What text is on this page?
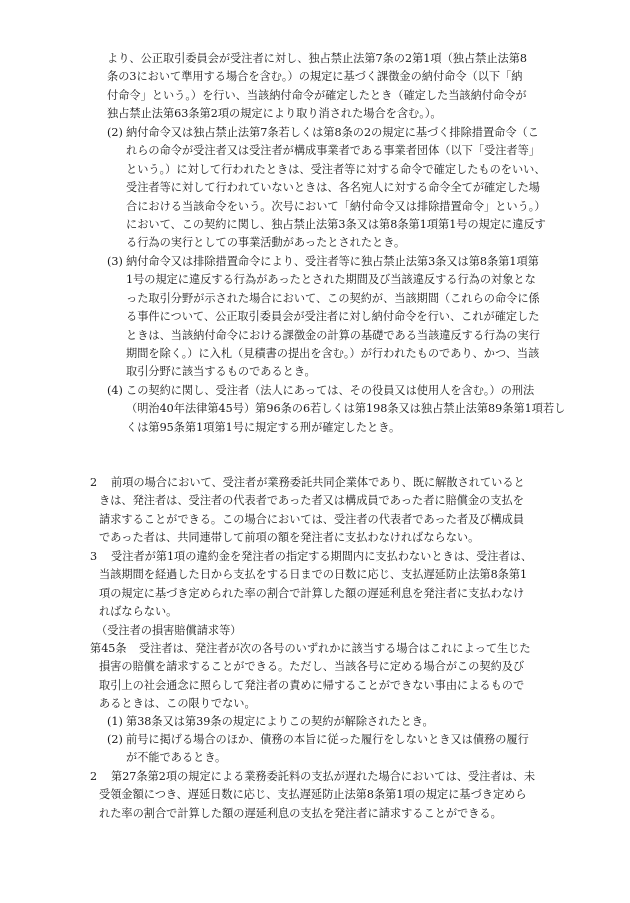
より、公正取引委員会が受注者に対し、独占禁止法第7条の2第1項（独占禁止法第8
条の3において準用する場合を含む。）の規定に基づく課徴金の納付命令（以下「納
付命令」という。）を行い、当該納付命令が確定したとき（確定した当該納付命令が
独占禁止法第63条第2項の規定により取り消された場合を含む。）。
(2) 納付命令又は独占禁止法第7条若しくは第8条の2の規定に基づく排除措置命令（こ
れらの命令が受注者又は受注者が構成事業者である事業者団体（以下「受注者等」
という。）に対して行われたときは、受注者等に対する命令で確定したものをいい、
受注者等に対して行われていないときは、各名宛人に対する命令全てが確定した場
合における当該命令をいう。次号において「納付命令又は排除措置命令」という。）
において、この契約に関し、独占禁止法第3条又は第8条第1項第1号の規定に違反す
る行為の実行としての事業活動があったとされたとき。
(3) 納付命令又は排除措置命令により、受注者等に独占禁止法第3条又は第8条第1項第
1号の規定に違反する行為があったとされた期間及び当該違反する行為の対象とな
った取引分野が示された場合において、この契約が、当該期間（これらの命令に係
る事件について、公正取引委員会が受注者に対し納付命令を行い、これが確定した
ときは、当該納付命令における課徴金の計算の基礎である当該違反する行為の実行
期間を除く。）に入札（見積書の提出を含む。）が行われたものであり、かつ、当該
取引分野に該当するものであるとき。
(4) この契約に関し、受注者（法人にあっては、その役員又は使用人を含む。）の刑法
（明治40年法律第45号）第96条の6若しくは第198条又は独占禁止法第89条第1項若し
くは第95条第1項第1号に規定する刑が確定したとき。
2 前項の場合において、受注者が業務委託共同企業体であり、既に解散されていると
きは、発注者は、受注者の代表者であった者又は構成員であった者に賠償金の支払を
請求することができる。この場合においては、受注者の代表者であった者及び構成員
であった者は、共同連帯して前項の額を発注者に支払わなければならない。
3 受注者が第1項の違約金を発注者の指定する期間内に支払わないときは、受注者は、
当該期間を経過した日から支払をする日までの日数に応じ、支払遅延防止法第8条第1
項の規定に基づき定められた率の割合で計算した額の遅延利息を発注者に支払わなけ
ればならない。
（受注者の損害賠償請求等）
第45条 受注者は、発注者が次の各号のいずれかに該当する場合はこれによって生じた
損害の賠償を請求することができる。ただし、当該各号に定める場合がこの契約及び
取引上の社会通念に照らして発注者の責めに帰することができない事由によるもので
あるときは、この限りでない。
(1) 第38条又は第39条の規定によりこの契約が解除されたとき。
(2) 前号に掲げる場合のほか、債務の本旨に従った履行をしないとき又は債務の履行
が不能であるとき。
2 第27条第2項の規定による業務委託料の支払が遅れた場合においては、受注者は、未
受領金額につき、遅延日数に応じ、支払遅延防止法第8条第1項の規定に基づき定めら
れた率の割合で計算した額の遅延利息の支払を発注者に請求することができる。
